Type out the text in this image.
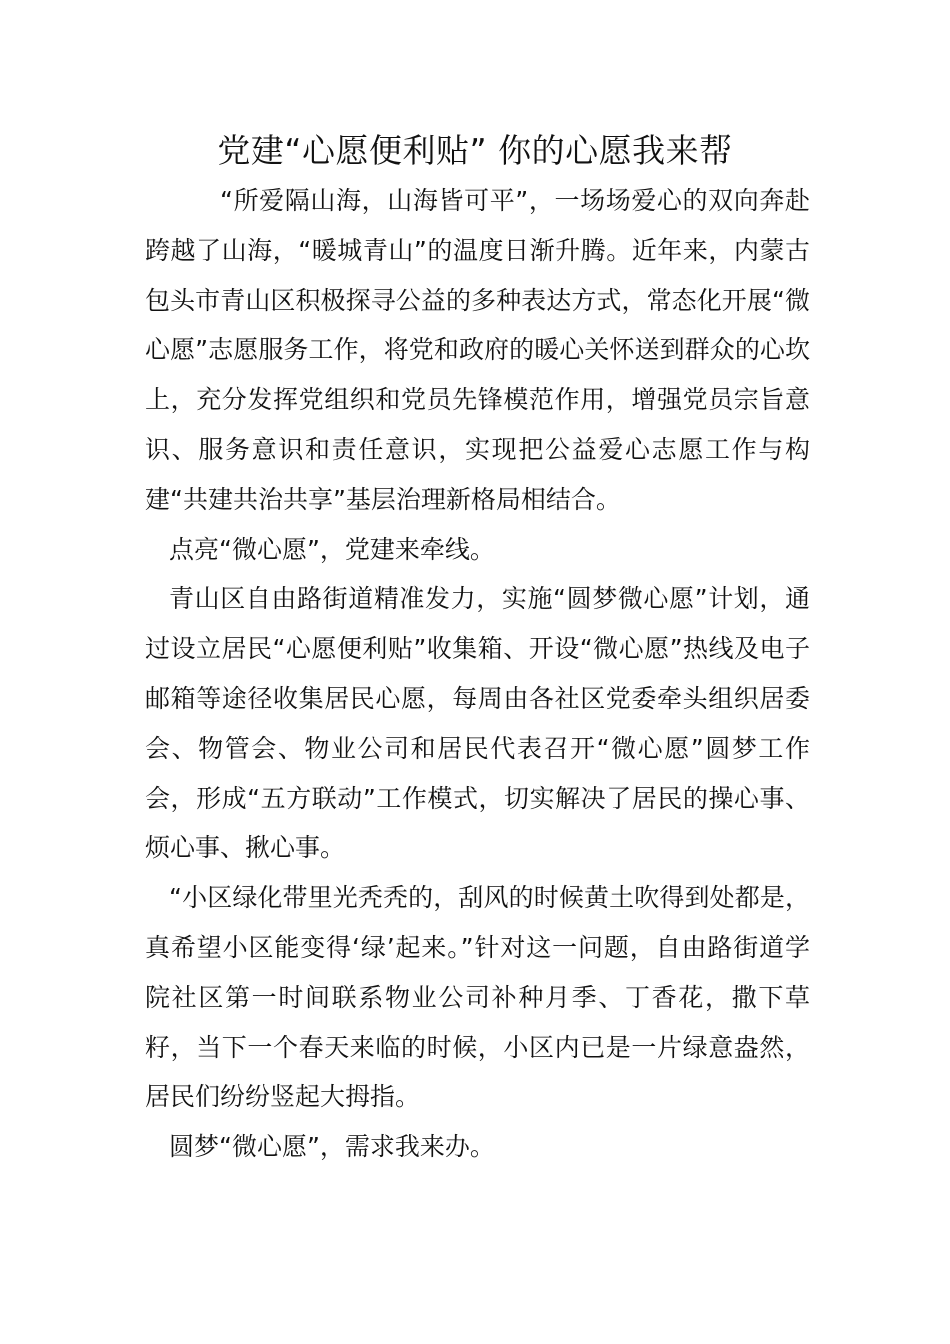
党建“心愿便利贴” 你的心愿我来帮

“所爱隔山海，山海皆可平”，一场场爱心的双向奔赴跨越了山海，“暖城青山”的温度日渐升腾。近年来，内蒙古包头市青山区积极探寻公益的多种表达方式，常态化开展“微心愿”志愿服务工作，将党和政府的暖心关怀送到群众的心坎上，充分发挥党组织和党员先锋模范作用，增强党员宗旨意识、服务意识和责任意识，实现把公益爱心志愿工作与构建“共建共治共享”基层治理新格局相结合。

点亮“微心愿”，党建来牵线。

青山区自由路街道精准发力，实施“圆梦微心愿”计划，通过设立居民“心愿便利贴”收集箱、开设“微心愿”热线及电子邮箱等途径收集居民心愿，每周由各社区党委牵头组织居委会、物管会、物业公司和居民代表召开“微心愿”圆梦工作会，形成“五方联动”工作模式，切实解决了居民的操心事、烦心事、揪心事。

“小区绿化带里光秃秃的，刮风的时候黄土吹得到处都是，真希望小区能变得‘绿’起来。”针对这一问题，自由路街道学院社区第一时间联系物业公司补种月季、丁香花，撒下草籽，当下一个春天来临的时候，小区内已是一片绿意盎然，居民们纷纷竖起大拇指。

圆梦“微心愿”，需求我来办。
